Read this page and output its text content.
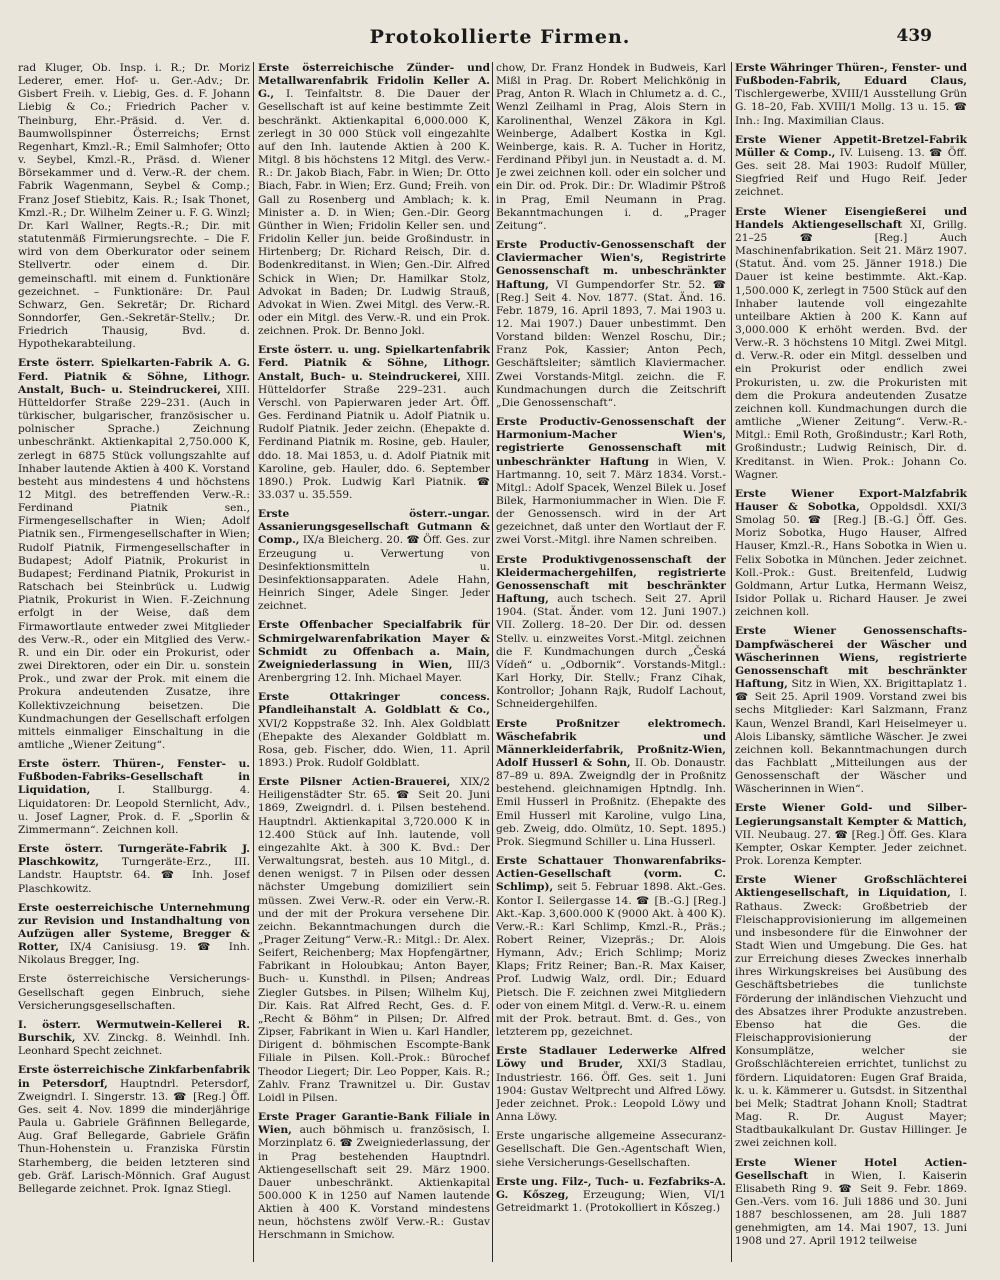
Protokollierte Firmen.	439
rad Kluger, Ob. Insp. i. R.; Dr. Moriz Lederer, emer. Hof- u. Ger.-Adv.; Dr. Gisbert Freih. v. Liebig, Ges. d. F. Johann Liebig & Co.; Friedrich Pacher v. Theinburg, Ehr.-Präsid. d. Ver. d. Baumwollspinner Österreichs; Ernst Regenhart, Kmzl.-R.; Emil Salmhofer; Otto v. Seybel, Kmzl.-R., Präsd. d. Wiener Börsekammer und d. Verw.-R. der chem. Fabrik Wagenmann, Seybel & Comp.; Franz Josef Stiebitz, Kais. R.; Isak Thonet, Kmzl.-R.; Dr. Wilhelm Zeiner u. F. G. Winzl; Dr. Karl Wallner, Regts.-R.; Dir. mit statutenmäß Firmierungsrechte. – Die F. wird von dem Oberkurator oder seinem Stellvertr. oder einem d. Dir. gemeinschaftl. mit einem d. Funktionäre gezeichnet. – Funktionäre: Dr. Paul Schwarz, Gen. Sekretär; Dr. Richard Sonndorfer, Gen.-Sekretär-Stellv.; Dr. Friedrich Thausig, Bvd. d. Hypothekarabteilung.
Erste österr. Spielkarten-Fabrik A. G. Ferd. Piatnik & Söhne, Lithogr. Anstalt, Buch- u. Steindruckerei, XIII. Hütteldorfer Straße 229–231. (Auch in türkischer, bulgarischer, französischer u. polnischer Sprache.) Zeichnung unbeschränkt. Aktienkapital 2,750.000 K, zerlegt in 6875 Stück vollungszahlte auf Inhaber lautende Aktien à 400 K. Vorstand besteht aus mindestens 4 und höchstens 12 Mitgl. des betreffenden Verw.-R.: Ferdinand Piatnik sen., Firmengesellschafter in Wien; Adolf Piatnik sen., Firmengesellschafter in Wien; Rudolf Piatnik, Firmengesellschafter in Budapest; Adolf Piatnik, Prokurist in Budapest; Ferdinand Piatnik, Prokurist in Ratschach bei Steinbrück u. Ludwig Piatnik, Prokurist in Wien. F.-Zeichnung erfolgt in der Weise, daß dem Firmawortlaute entweder zwei Mitglieder des Verw.-R., oder ein Mitglied des Verw.-R. und ein Dir. oder ein Prokurist, oder zwei Direktoren, oder ein Dir. u. sonstein Prok., und zwar der Prok. mit einem die Prokura andeutenden Zusatze, ihre Kollektivzeichnung beisetzen. Die Kundmachungen der Gesellschaft erfolgen mittels einmaliger Einschaltung in die amtliche „Wiener Zeitung“.
Erste österr. Thüren-, Fenster- u. Fußboden-Fabriks-Gesellschaft in Liquidation,	I. Stallburgg. 4. Liquidatoren: Dr. Leopold Sternlicht, Adv., u. Josef Lagner, Prok. d. F. „Sporlin & Zimmermann“. Zeichnen koll.
Erste österr. Turngeräte-Fabrik J. Plaschkowitz, Turngeräte-Erz., III. Landstr. Hauptstr. 64. ☎ Inh. Josef Plaschkowitz.
Erste oesterreichische Unternehmung zur Revision und Instandhaltung von Aufzügen aller Systeme, Bregger & Rotter, IX/4 Canisiusg. 19. ☎ Inh. Nikolaus Bregger, Ing.
Erste österreichische Versicherungs-Gesellschaft gegen Einbruch, siehe Versicherungsgesellschaften.
I. österr. Wermutwein-Kellerei R. Burschik, XV. Zinckg. 8. Weinhdl. Inh. Leonhard Specht zeichnet.
Erste österreichische Zinkfarbenfabrik in Petersdorf, Hauptndrl. Petersdorf, Zweigndrl. I. Singerstr. 13. ☎ [Reg.] Öff. Ges. seit 4. Nov. 1899 die minderjährige Paula u. Gabriele Gräfinnen Bellegarde, Aug. Graf Bellegarde, Gabriele Gräfin Thun-Hohenstein u. Franziska Fürstin Starhemberg, die beiden letzteren sind geb. Gräf. Larisch-Mönnich. Graf August Bellegarde zeichnet. Prok. Ignaz Stiegl.
Erste österreichische Zünder- und Metallwarenfabrik Fridolin Keller A. G., I. Teinfaltstr. 8. Die Dauer der Gesellschaft ist auf keine bestimmte Zeit beschränkt. Aktienkapital 6,000.000 K, zerlegt in 30 000 Stück voll eingezahlte auf den Inh. lautende Aktien à 200 K. Mitgl. 8 bis höchstens 12 Mitgl. des Verw.-R.: Dr. Jakob Biach, Fabr. in Wien; Dr. Otto Biach, Fabr. in Wien; Erz. Gund; Freih. von Gall zu Rosenberg und Amblach; k. k. Minister a. D. in Wien; Gen.-Dir. Georg Günther in Wien; Fridolin Keller sen. und Fridolin Keller jun. beide Großindustr. in Hirtenberg; Dr. Richard Reisch, Dir. d. Bodenkreditanst. in Wien; Gen.-Dir. Alfred Schick in Wien; Dr. Hamilkar Stolz, Advokat in Baden; Dr. Ludwig Strauß, Advokat in Wien. Zwei Mitgl. des Verw.-R. oder ein Mitgl. des Verw.-R. und ein Prok. zeichnen. Prok. Dr. Benno Jokl.
Erste österr. u. ung. Spielkartenfabrik Ferd. Piatnik & Söhne, Lithogr. Anstalt, Buch- u. Steindruckerei, XIII. Hütteldorfer Straße 229–231. auch Verschl. von Papierwaren jeder Art. Öff. Ges. Ferdinand Piatnik u. Adolf Piatnik u. Rudolf Piatnik. Jeder zeichn. (Ehepakte d. Ferdinand Piatnik m. Rosine, geb. Hauler, ddo. 18. Mai 1853, u. d. Adolf Piatnik mit Karoline, geb. Hauler, ddo. 6. September 1890.) Prok. Ludwig Karl Piatnik. ☎ 33.037 u. 35.559.
Erste österr.-ungar. Assanierungsgesellschaft Gutmann & Comp., IX/a Bleicherg. 20. ☎ Öff. Ges. zur Erzeugung u. Verwertung von Desinfektionsmitteln u. Desinfektionsapparaten. Adele Hahn, Heinrich Singer, Adele Singer. Jeder zeichnet.
Erste Offenbacher Specialfabrik für Schmirgelwarenfabrikation Mayer & Schmidt zu Offenbach a. Main, Zweigniederlassung in Wien, III/3 Arenbergring 12. Inh. Michael Mayer.
Erste Ottakringer concess. Pfandleihanstalt A. Goldblatt & Co., XVI/2 Koppstraße 32. Inh. Alex Goldblatt (Ehepakte des Alexander Goldblatt m. Rosa, geb. Fischer, ddo. Wien, 11. April 1893.) Prok. Rudolf Goldblatt.
Erste Pilsner Actien-Brauerei, XIX/2 Heiligenstädter Str. 65. ☎ Seit 20. Juni 1869, Zweigndrl. d. i. Pilsen bestehend. Hauptndrl. Aktienkapital 3,720.000 K in 12.400 Stück auf Inh. lautende, voll eingezahlte Akt. à 300 K. Bvd.: Der Verwaltungsrat, besteh. aus 10 Mitgl., d. denen wenigst. 7 in Pilsen oder dessen nächster Umgebung domiziliert sein müssen. Zwei Verw.-R. oder ein Verw.-R. und der mit der Prokura versehene Dir. zeichn. Bekanntmachungen durch die „Prager Zeitung“ Verw.-R.: Mitgl.: Dr. Alex. Seifert, Reichenberg; Max Hopfengärtner, Fabrikant in Holoubkau; Anton Bayer, Buch- u. Kunsthdl. in Pilsen; Andreas Ziegler Gutsbes. in Pilsen; Wilhelm Kuj, Dir. Kais. Rat Alfred Recht, Ges. d. F. „Recht & Böhm“ in Pilsen; Dr. Alfred Zipser, Fabrikant in Wien u. Karl Handler, Dirigent d. böhmischen Escompte-Bank Filiale in Pilsen. Koll.-Prok.: Bürochef Theodor Liegert; Dir. Leo Popper, Kais. R.; Zahlv. Franz Trawnitzel u. Dir. Gustav Loidl in Pilsen.
Erste Prager Garantie-Bank Filiale in Wien, auch böhmisch u. französisch, I. Morzinplatz 6. ☎ Zweigniederlassung, der in Prag bestehenden Hauptndrl. Aktiengesellschaft seit 29. März 1900. Dauer unbeschränkt. Aktienkapital 500.000 K in 1250 auf Namen lautende Aktien à 400 K. Vorstand mindestens neun, höchstens zwölf Verw.-R.: Gustav Herschmann in Smichow.
chow, Dr. Franz Hondek in Budweis, Karl Mißl in Prag. Dr. Robert Melichkönig in Prag, Anton R. Wlach in Chlumetz a. d. C., Wenzl Zeilhaml in Prag, Alois Stern in Karolinenthal, Wenzel Zäkora in Kgl. Weinberge, Adalbert Kostka in Kgl. Weinberge, kais. R. A. Tucher in Horitz, Ferdinand Přibyl jun. in Neustadt a. d. M. Je zwei zeichnen koll. oder ein solcher und ein Dir. od. Prok. Dir.: Dr. Wladimir Pštroß in Prag, Emil Neumann in Prag. Bekanntmachungen i. d. „Prager Zeitung“.
Erste Productiv-Genossenschaft der Claviermacher Wien's, Registrirte Genossenschaft m. unbeschränkter Haftung, VI Gumpendorfer Str. 52. ☎ [Reg.] Seit 4. Nov. 1877. (Stat. Änd. 16. Febr. 1879, 16. April 1893, 7. Mai 1903 u. 12. Mai 1907.) Dauer unbestimmt. Den Vorstand bilden: Wenzel Roschu, Dir.; Franz Pok, Kassier; Anton Pech, Geschäftsleiter; sämtlich Klaviermacher. Zwei Vorstands-Mitgl. zeichn. die F. Kundmachungen durch die Zeitschrift „Die Genossenschaft“.
Erste Productiv-Genossenschaft der Harmonium-Macher Wien's, registrierte Genossenschaft mit unbeschränkter Haftung in Wien, V. Hartmanng. 10, seit 7. März 1834. Vorst.-Mitgl.: Adolf Spacek, Wenzel Bilek u. Josef Bilek, Harmoniummacher in Wien. Die F. der Genossensch. wird in der Art gezeichnet, daß unter den Wortlaut der F. zwei Vorst.-Mitgl. ihre Namen schreiben.
Erste Produktivgenossenschaft der Kleidermachergehilfen, registrierte Genossenschaft mit beschränkter Haftung, auch tschech. Seit 27. April 1904. (Stat. Änder. vom 12. Juni 1907.) VII. Zollerg. 18–20. Der Dir. od. dessen Stellv. u. einzweites Vorst.-Mitgl. zeichnen die F. Kundmachungen durch „Česká Vídeň“ u. „Odbornik“. Vorstands-Mitgl.: Karl Horky, Dir. Stellv.; Franz Cihak, Kontrollor; Johann Rajk, Rudolf Lachout, Schneidergehilfen.
Erste Proßnitzer elektromech. Wäschefabrik und Männerkleiderfabrik, Proßnitz-Wien, Adolf Husserl & Sohn, II. Ob. Donaustr. 87–89 u. 89A. Zweigndlg der in Proßnitz bestehend. gleichnamigen Hptndlg. Inh. Emil Husserl in Proßnitz. (Ehepakte des Emil Husserl mit Karoline, vulgo Lina, geb. Zweig, ddo. Olmütz, 10. Sept. 1895.) Prok. Siegmund Schiller u. Lina Husserl.
Erste Schattauer Thonwarenfabriks-Actien-Gesellschaft (vorm. C. Schlimp), seit 5. Februar 1898. Akt.-Ges. Kontor I. Seilergasse 14. ☎ [B.-G.] [Reg.] Akt.-Kap. 3,600.000 K (9000 Akt. à 400 K). Verw.-R.: Karl Schlimp, Kmzl.-R., Präs.; Robert Reiner, Vizepräs.; Dr. Alois Hymann, Adv.; Erich Schlimp; Moriz Klaps; Fritz Reiner; Ban.-R. Max Kaiser, Prof. Ludwig Walz, ordl. Dir.; Eduard Pietsch. Die F. zeichnen zwei Mitgliedern oder von einem Mitgl. d. Verw.-R. u. einem mit der Prok. betraut. Bmt. d. Ges., von letzterem pp, gezeichnet.
Erste Stadlauer Lederwerke Alfred Löwy und Bruder, XXI/3 Stadlau, Industriestr. 166. Öff. Ges. seit 1. Juni 1904: Gustav Weltprecht und Alfred Löwy. Jeder zeichnet. Prok.: Leopold Löwy und Anna Löwy.
Erste ungarische allgemeine Assecuranz-Gesellschaft. Die Gen.-Agentschaft Wien, siehe Versicherungs-Gesellschaften.
Erste ung. Filz-, Tuch- u. Fezfabriks-A. G. Kőszeg, Erzeugung; Wien, VI/1 Getreidmarkt 1. (Protokolliert in Kőszeg.)
Erste Währinger Thüren-, Fenster- und Fußboden-Fabrik, Eduard Claus, Tischlergewerbe, XVIII/1 Ausstellung Grün G. 18–20, Fab. XVIII/1 Mollg. 13 u. 15. ☎ Inh.: Ing. Maximilian Claus.
Erste Wiener Appetit-Bretzel-Fabrik Müller & Comp., IV. Luiseng. 13. ☎ Öff. Ges. seit 28. Mai 1903: Rudolf Müller, Siegfried Reif und Hugo Reif. Jeder zeichnet.
Erste Wiener Eisengießerei und Handels Aktiengesellschaft XI, Grillg. 21–25 ☎ [Reg.] Auch Maschinenfabrikation. Seit 21. März 1907. (Statut. Änd. vom 25. Jänner 1918.) Die Dauer ist keine bestimmte. Akt.-Kap. 1,500.000 K, zerlegt in 7500 Stück auf den Inhaber lautende voll eingezahlte unteilbare Aktien à 200 K. Kann auf 3,000.000 K erhöht werden. Bvd. der Verw.-R. 3 höchstens 10 Mitgl. Zwei Mitgl. d. Verw.-R. oder ein Mitgl. desselben und ein Prokurist oder endlich zwei Prokuristen, u. zw. die Prokuristen mit dem die Prokura andeutenden Zusatze zeichnen koll. Kundmachungen durch die amtliche „Wiener Zeitung“. Verw.-R.-Mitgl.: Emil Roth, Großindustr.; Karl Roth, Großindustr.; Ludwig Reinisch, Dir. d. Kreditanst. in Wien. Prok.: Johann Co. Wagner.
Erste Wiener Export-Malzfabrik Hauser & Sobotka, Oppoldsdl. XXI/3 Smolag 50. ☎ [Reg.] [B.-G.] Öff. Ges. Moriz Sobotka, Hugo Hauser, Alfred Hauser, Kmzl.-R., Hans Sobotka in Wien u. Felix Sobotka in München. Jeder zeichnet. Koll.-Prok.: Gust. Breitenfeld, Ludwig Goldmann, Artur Lutka, Hermann Weisz, Isidor Pollak u. Richard Hauser. Je zwei zeichnen koll.
Erste Wiener Genossenschafts-Dampfwäscherei der Wäscher und Wäscherinnen Wiens, registrierte Genossenschaft mit beschränkter Haftung, Sitz in Wien, XX. Brigittaplatz 1. ☎ Seit 25. April 1909. Vorstand zwei bis sechs Mitglieder: Karl Salzmann, Franz Kaun, Wenzel Brandl, Karl Heiselmeyer u. Alois Libansky, sämtliche Wäscher. Je zwei zeichnen koll. Bekanntmachungen durch das Fachblatt „Mitteilungen aus der Genossenschaft der Wäscher und Wäscherinnen in Wien“.
Erste Wiener Gold- und Silber-Legierungsanstalt Kempter & Mattich, VII. Neubaug. 27. ☎ [Reg.] Öff. Ges. Klara Kempter, Oskar Kempter. Jeder zeichnet. Prok. Lorenza Kempter.
Erste Wiener Großschlächterei Aktiengesellschaft, in Liquidation, I. Rathaus. Zweck: Großbetrieb der Fleischapprovisionierung im allgemeinen und insbesondere für die Einwohner der Stadt Wien und Umgebung. Die Ges. hat zur Erreichung dieses Zweckes innerhalb ihres Wirkungskreises bei Ausübung des Geschäftsbetriebes die tunlichste Förderung der inländischen Viehzucht und des Absatzes ihrer Produkte anzustreben. Ebenso hat die Ges. die Fleischapprovisionierung der Konsumplätze, welcher sie Großschlächtereien errichtet, tunlichst zu fördern. Liquidatoren: Eugen Graf Braida, k. u. k. Kämmerer u. Gutsdst. in Sitzenthal bei Melk; Stadtrat Johann Knoll; Stadtrat Mag. R. Dr. August Mayer; Stadtbaukalkulant Dr. Gustav Hillinger. Je zwei zeichnen koll.
Erste Wiener Hotel Actien-Gesellschaft in Wien, I. Kaiserin Elisabeth Ring 9. ☎ Seit 9. Febr. 1869. Gen.-Vers. vom 16. Juli 1886 und 30. Juni 1887 beschlossenen, am 28. Juli 1887 genehmigten, am 14. Mai 1907, 13. Juni 1908 und 27. April 1912 teilweise
